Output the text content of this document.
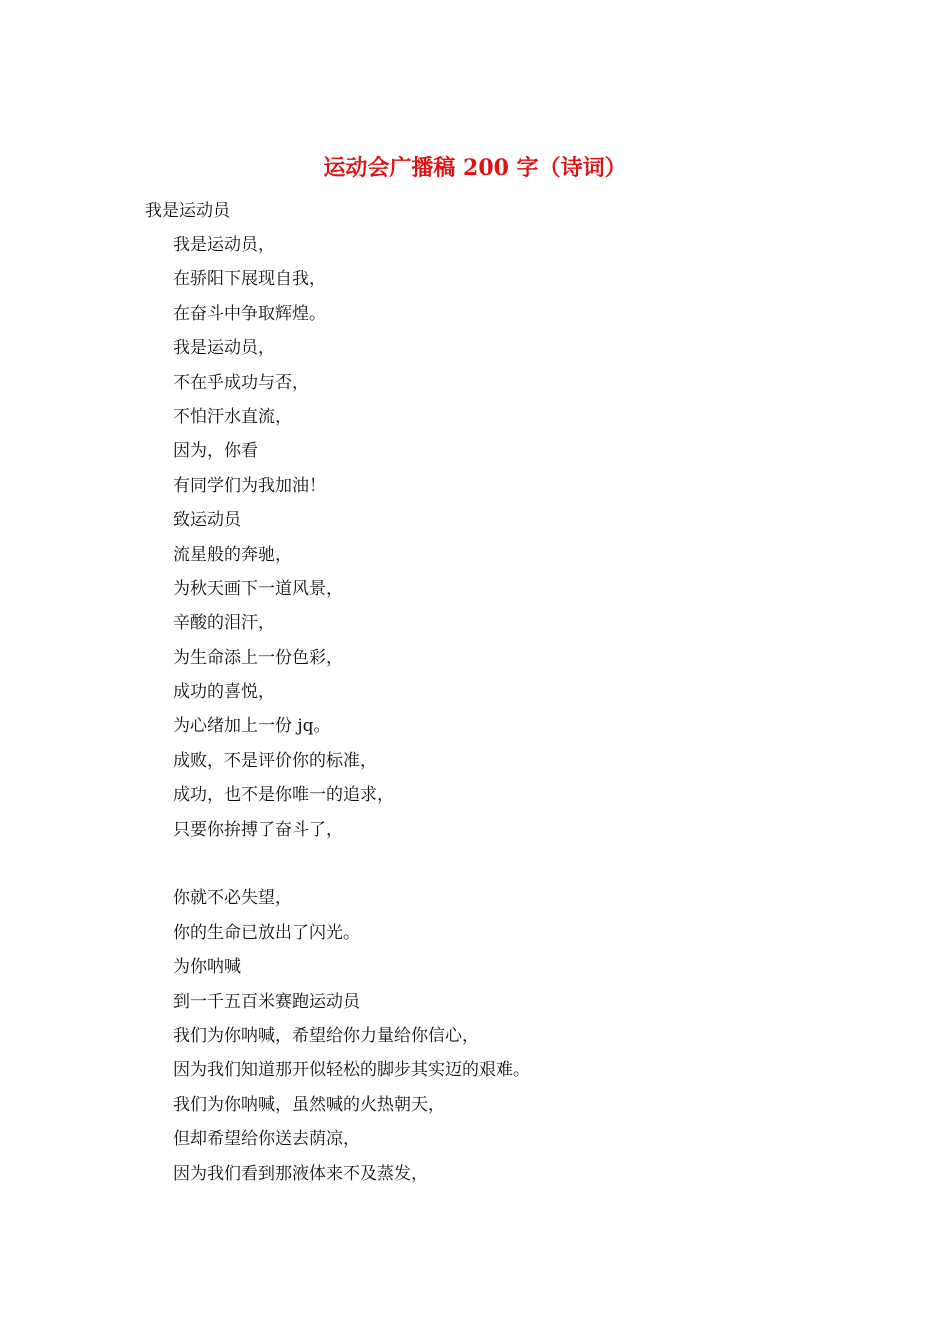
运动会广播稿 200 字（诗词）

我是运动员

我是运动员，
在骄阳下展现自我，
在奋斗中争取辉煌。
我是运动员，
不在乎成功与否，
不怕汗水直流，
因为，你看
有同学们为我加油！
致运动员
流星般的奔驰，
为秋天画下一道风景，
辛酸的泪汗，
为生命添上一份色彩，
成功的喜悦，
为心绪加上一份 jq。
成败，不是评价你的标准，
成功，也不是你唯一的追求，
只要你拚搏了奋斗了，
你就不必失望，
你的生命已放出了闪光。
为你呐喊
到一千五百米赛跑运动员
我们为你呐喊，希望给你力量给你信心，
因为我们知道那开似轻松的脚步其实迈的艰难。
我们为你呐喊，虽然喊的火热朝天，
但却希望给你送去荫凉，
因为我们看到那液体来不及蒸发，
